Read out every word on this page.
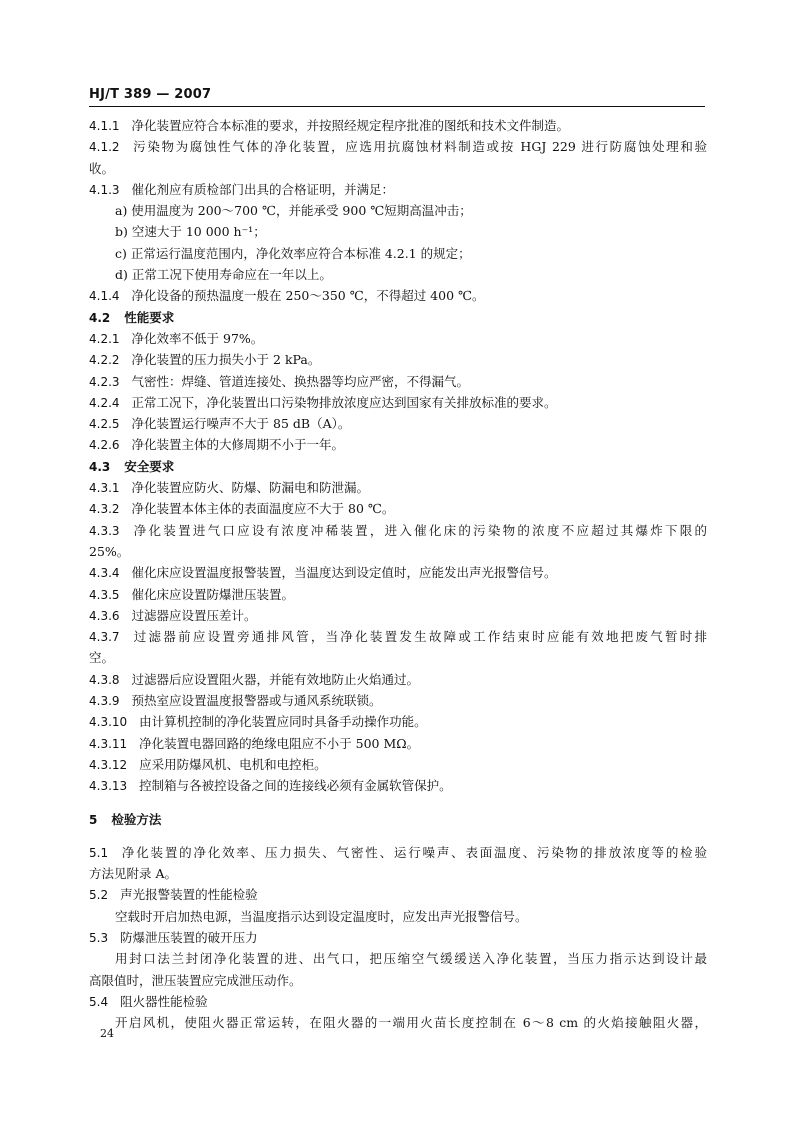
HJ/T 389 — 2007
4.1.1 净化装置应符合本标准的要求，并按照经规定程序批准的图纸和技术文件制造。
4.1.2 污染物为腐蚀性气体的净化装置，应选用抗腐蚀材料制造或按 HGJ 229 进行防腐蚀处理和验
收。
4.1.3 催化剂应有质检部门出具的合格证明，并满足：
a) 使用温度为 200～700 ℃，并能承受 900 ℃短期高温冲击；
b) 空速大于 10 000 h⁻¹；
c) 正常运行温度范围内，净化效率应符合本标准 4.2.1 的规定；
d) 正常工况下使用寿命应在一年以上。
4.1.4 净化设备的预热温度一般在 250～350 ℃，不得超过 400 ℃。
4.2 性能要求
4.2.1 净化效率不低于 97%。
4.2.2 净化装置的压力损失小于 2 kPa。
4.2.3 气密性：焊缝、管道连接处、换热器等均应严密，不得漏气。
4.2.4 正常工况下，净化装置出口污染物排放浓度应达到国家有关排放标准的要求。
4.2.5 净化装置运行噪声不大于 85 dB（A）。
4.2.6 净化装置主体的大修周期不小于一年。
4.3 安全要求
4.3.1 净化装置应防火、防爆、防漏电和防泄漏。
4.3.2 净化装置本体主体的表面温度应不大于 80 ℃。
4.3.3 净化装置进气口应设有浓度冲稀装置，进入催化床的污染物的浓度不应超过其爆炸下限的
25%。
4.3.4 催化床应设置温度报警装置，当温度达到设定值时，应能发出声光报警信号。
4.3.5 催化床应设置防爆泄压装置。
4.3.6 过滤器应设置压差计。
4.3.7 过滤器前应设置旁通排风管，当净化装置发生故障或工作结束时应能有效地把废气暂时排
空。
4.3.8 过滤器后应设置阻火器，并能有效地防止火焰通过。
4.3.9 预热室应设置温度报警器或与通风系统联锁。
4.3.10 由计算机控制的净化装置应同时具备手动操作功能。
4.3.11 净化装置电器回路的绝缘电阻应不小于 500 MΩ。
4.3.12 应采用防爆风机、电机和电控柜。
4.3.13 控制箱与各被控设备之间的连接线必须有金属软管保护。
5 检验方法
5.1 净化装置的净化效率、压力损失、气密性、运行噪声、表面温度、污染物的排放浓度等的检验
方法见附录 A。
5.2 声光报警装置的性能检验
空载时开启加热电源，当温度指示达到设定温度时，应发出声光报警信号。
5.3 防爆泄压装置的破开压力
用封口法兰封闭净化装置的进、出气口，把压缩空气缓缓送入净化装置，当压力指示达到设计最
高限值时，泄压装置应完成泄压动作。
5.4 阻火器性能检验
开启风机，使阻火器正常运转，在阻火器的一端用火苗长度控制在 6～8 cm 的火焰接触阻火器，
24
